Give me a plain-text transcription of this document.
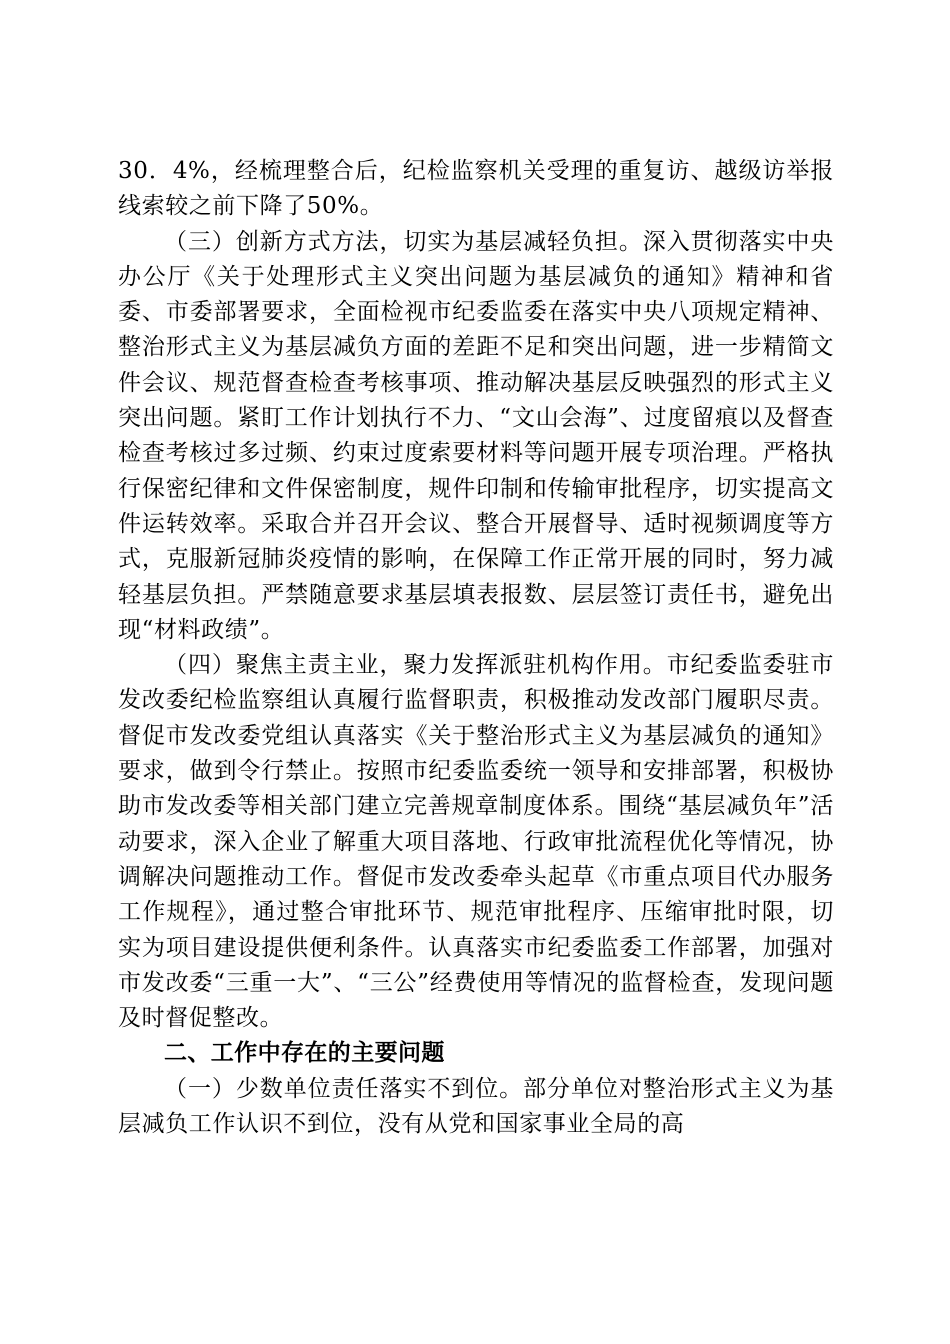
30．4%，经梳理整合后，纪检监察机关受理的重复访、越级访举报线索较之前下降了50%。

（三）创新方式方法，切实为基层减轻负担。深入贯彻落实中央办公厅《关于处理形式主义突出问题为基层减负的通知》精神和省委、市委部署要求，全面检视市纪委监委在落实中央八项规定精神、整治形式主义为基层减负方面的差距不足和突出问题，进一步精简文件会议、规范督查检查考核事项、推动解决基层反映强烈的形式主义突出问题。紧盯工作计划执行不力、“文山会海”、过度留痕以及督查检查考核过多过频、约束过度索要材料等问题开展专项治理。严格执行保密纪律和文件保密制度，规件印制和传输审批程序，切实提高文件运转效率。采取合并召开会议、整合开展督导、适时视频调度等方式，克服新冠肺炎疫情的影响，在保障工作正常开展的同时，努力减轻基层负担。严禁随意要求基层填表报数、层层签订责任书，避免出现“材料政绩”。

（四）聚焦主责主业，聚力发挥派驻机构作用。市纪委监委驻市发改委纪检监察组认真履行监督职责，积极推动发改部门履职尽责。督促市发改委党组认真落实《关于整治形式主义为基层减负的通知》要求，做到令行禁止。按照市纪委监委统一领导和安排部署，积极协助市发改委等相关部门建立完善规章制度体系。围绕“基层减负年”活动要求，深入企业了解重大项目落地、行政审批流程优化等情况，协调解决问题推动工作。督促市发改委牵头起草《市重点项目代办服务工作规程》，通过整合审批环节、规范审批程序、压缩审批时限，切实为项目建设提供便利条件。认真落实市纪委监委工作部署，加强对市发改委“三重一大”、“三公”经费使用等情况的监督检查，发现问题及时督促整改。

二、工作中存在的主要问题

（一）少数单位责任落实不到位。部分单位对整治形式主义为基层减负工作认识不到位，没有从党和国家事业全局的高
